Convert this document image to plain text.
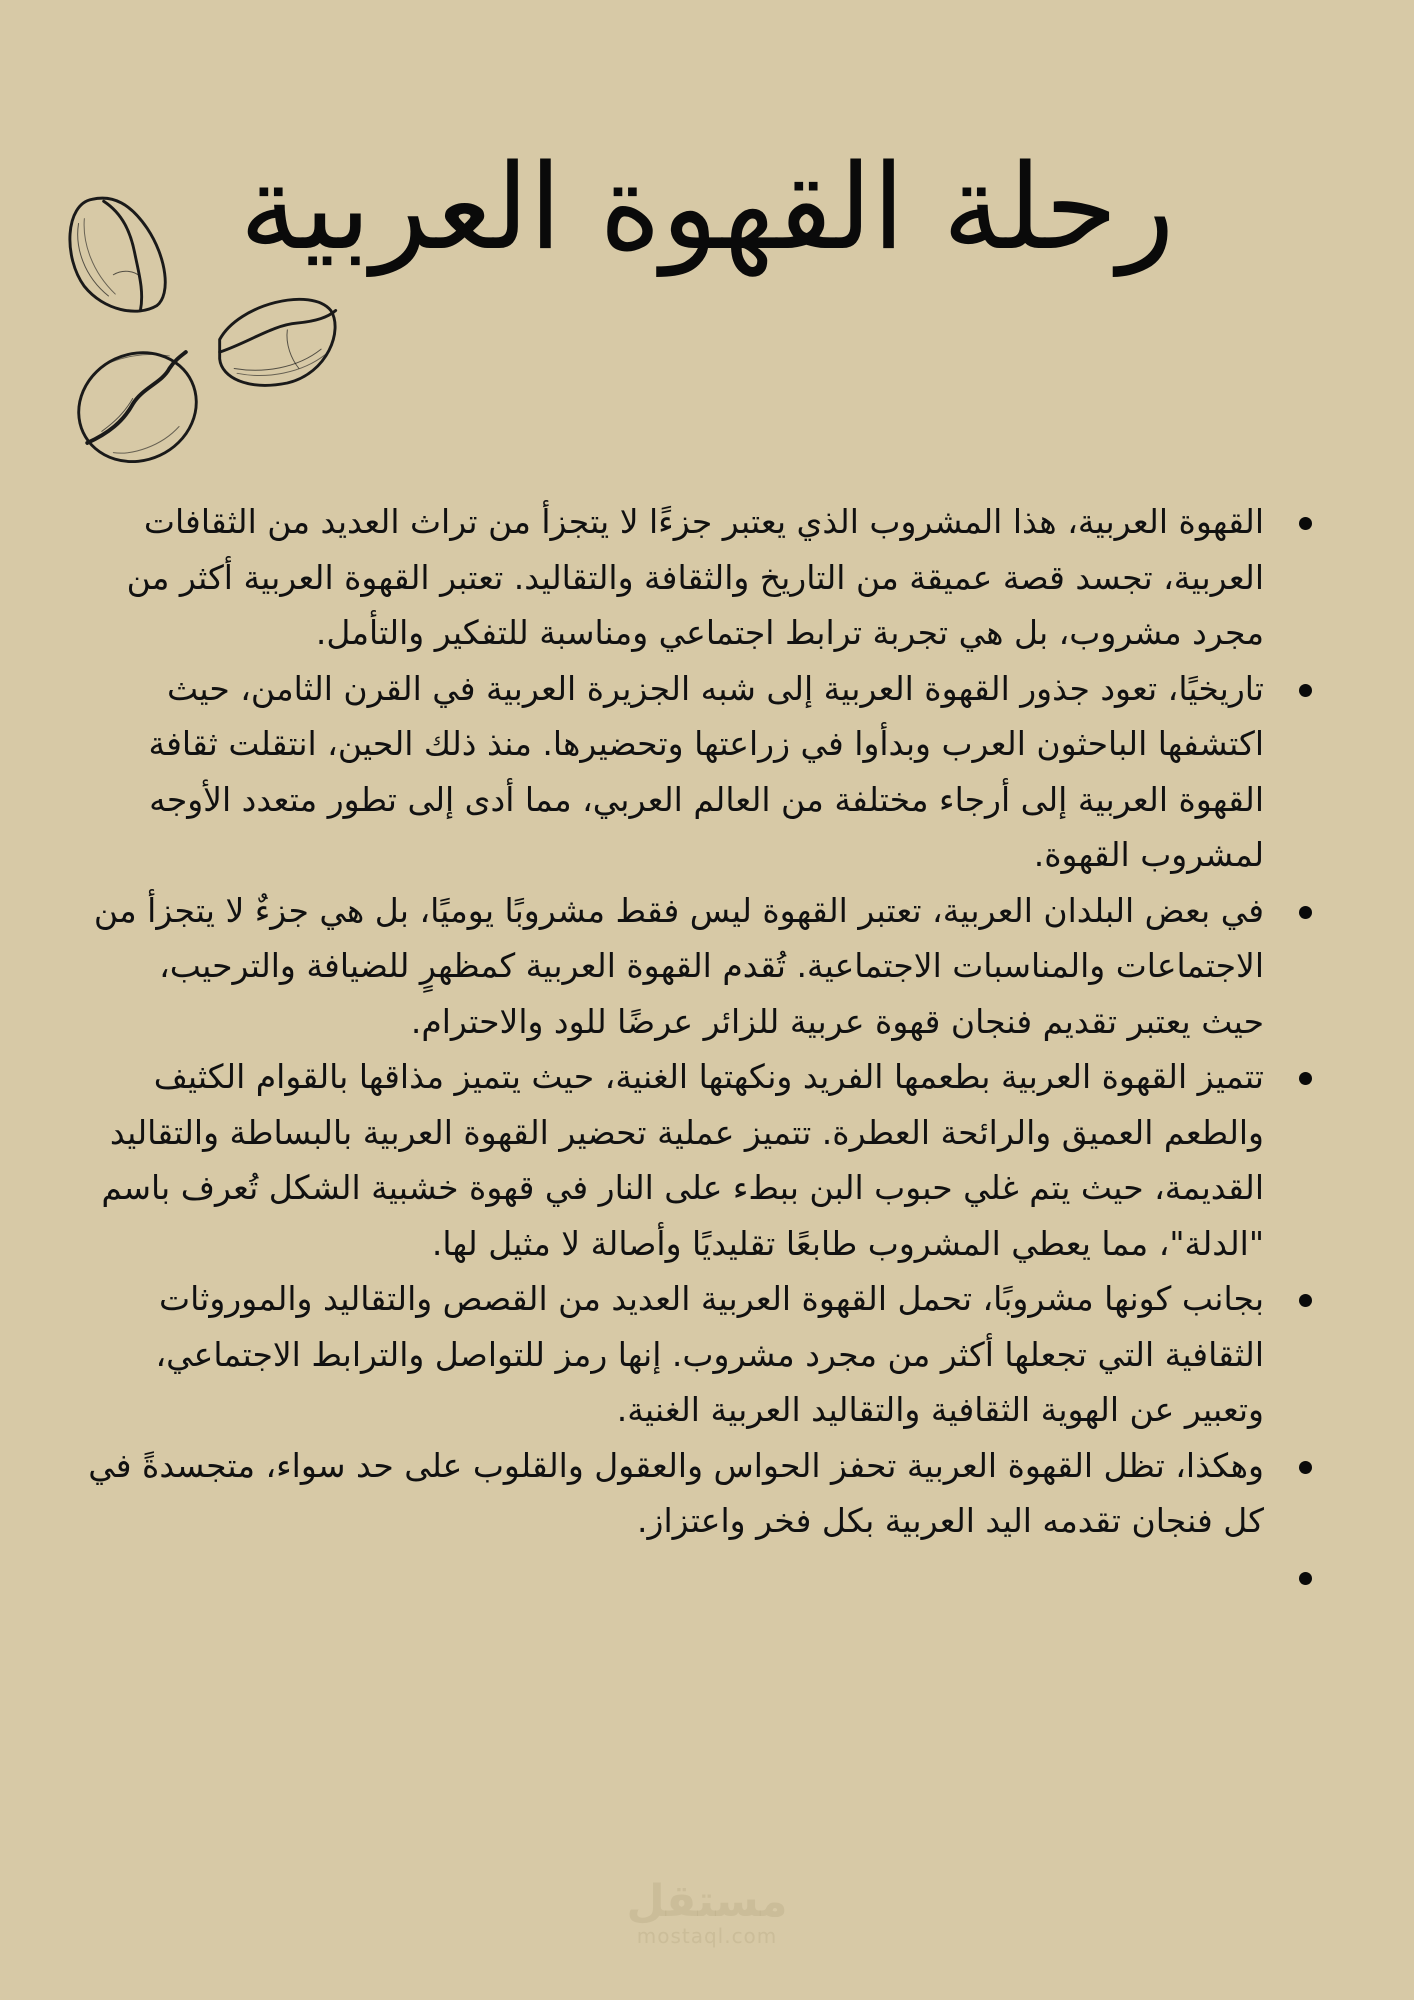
رحلة القهوة العربية
القهوة العربية، هذا المشروب الذي يعتبر جزءًا لا يتجزأ من تراث العديد من الثقافات العربية، تجسد قصة عميقة من التاريخ والثقافة والتقاليد. تعتبر القهوة العربية أكثر من مجرد مشروب، بل هي تجربة ترابط اجتماعي ومناسبة للتفكير والتأمل.
تاريخيًا، تعود جذور القهوة العربية إلى شبه الجزيرة العربية في القرن الثامن، حيث اكتشفها الباحثون العرب وبدأوا في زراعتها وتحضيرها. منذ ذلك الحين، انتقلت ثقافة القهوة العربية إلى أرجاء مختلفة من العالم العربي، مما أدى إلى تطور متعدد الأوجه لمشروب القهوة.
في بعض البلدان العربية، تعتبر القهوة ليس فقط مشروبًا يوميًا، بل هي جزءٌ لا يتجزأ من الاجتماعات والمناسبات الاجتماعية. تُقدم القهوة العربية كمظهرٍ للضيافة والترحيب، حيث يعتبر تقديم فنجان قهوة عربية للزائر عرضًا للود والاحترام.
تتميز القهوة العربية بطعمها الفريد ونكهتها الغنية، حيث يتميز مذاقها بالقوام الكثيف والطعم العميق والرائحة العطرة. تتميز عملية تحضير القهوة العربية بالبساطة والتقاليد القديمة، حيث يتم غلي حبوب البن ببطء على النار في قهوة خشبية الشكل تُعرف باسم "الدلة"، مما يعطي المشروب طابعًا تقليديًا وأصالة لا مثيل لها.
بجانب كونها مشروبًا، تحمل القهوة العربية العديد من القصص والتقاليد والموروثات الثقافية التي تجعلها أكثر من مجرد مشروب. إنها رمز للتواصل والترابط الاجتماعي، وتعبير عن الهوية الثقافية والتقاليد العربية الغنية.
وهكذا، تظل القهوة العربية تحفز الحواس والعقول والقلوب على حد سواء، متجسدةً في كل فنجان تقدمه اليد العربية بكل فخر واعتزاز.
مستقل
mostaql.com
